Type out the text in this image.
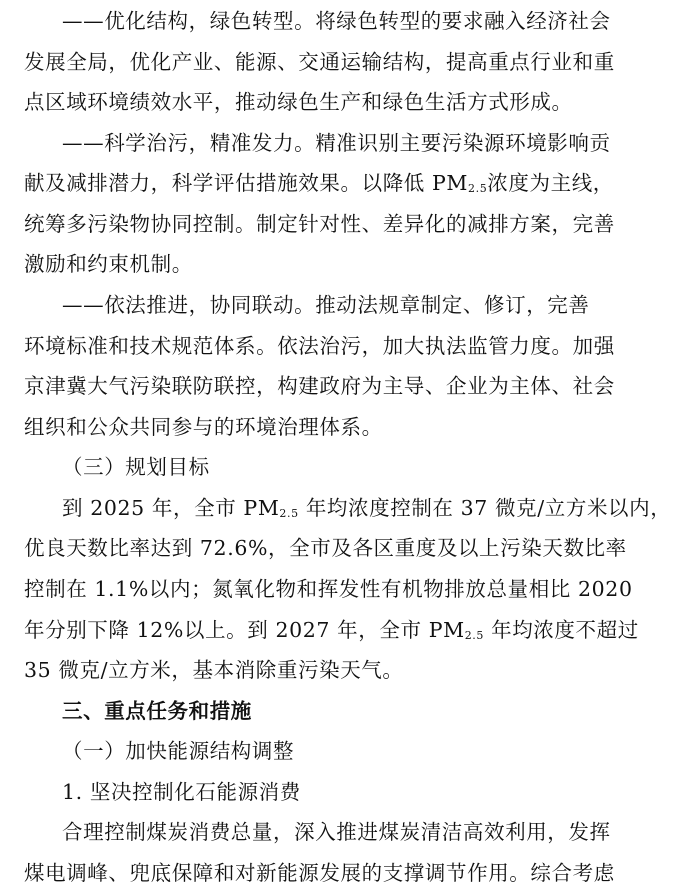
——优化结构，绿色转型。将绿色转型的要求融入经济社会
发展全局，优化产业、能源、交通运输结构，提高重点行业和重
点区域环境绩效水平，推动绿色生产和绿色生活方式形成。
——科学治污，精准发力。精准识别主要污染源环境影响贡
献及减排潜力，科学评估措施效果。以降低 $PM_{2.5}$浓度为主线，
统筹多污染物协同控制。制定针对性、差异化的减排方案，完善
激励和约束机制。
——依法推进，协同联动。推动法规章制定、修订，完善
环境标准和技术规范体系。依法治污，加大执法监管力度。加强
京津冀大气污染联防联控，构建政府为主导、企业为主体、社会
组织和公众共同参与的环境治理体系。
（三）规划目标
到 2025 年，全市 $PM_{2.5}$ 年均浓度控制在 37 微克/立方米以内，
优良天数比率达到 72.6%，全市及各区重度及以上污染天数比率
控制在 1.1%以内；氮氧化物和挥发性有机物排放总量相比 2020
年分别下降 12%以上。到 2027 年，全市 $PM_{2.5}$ 年均浓度不超过
35 微克/立方米，基本消除重污染天气。
三、重点任务和措施
（一）加快能源结构调整
1. 坚决控制化石能源消费
合理控制煤炭消费总量，深入推进煤炭清洁高效利用，发挥
煤电调峰、兜底保障和对新能源发展的支撑调节作用。综合考虑
